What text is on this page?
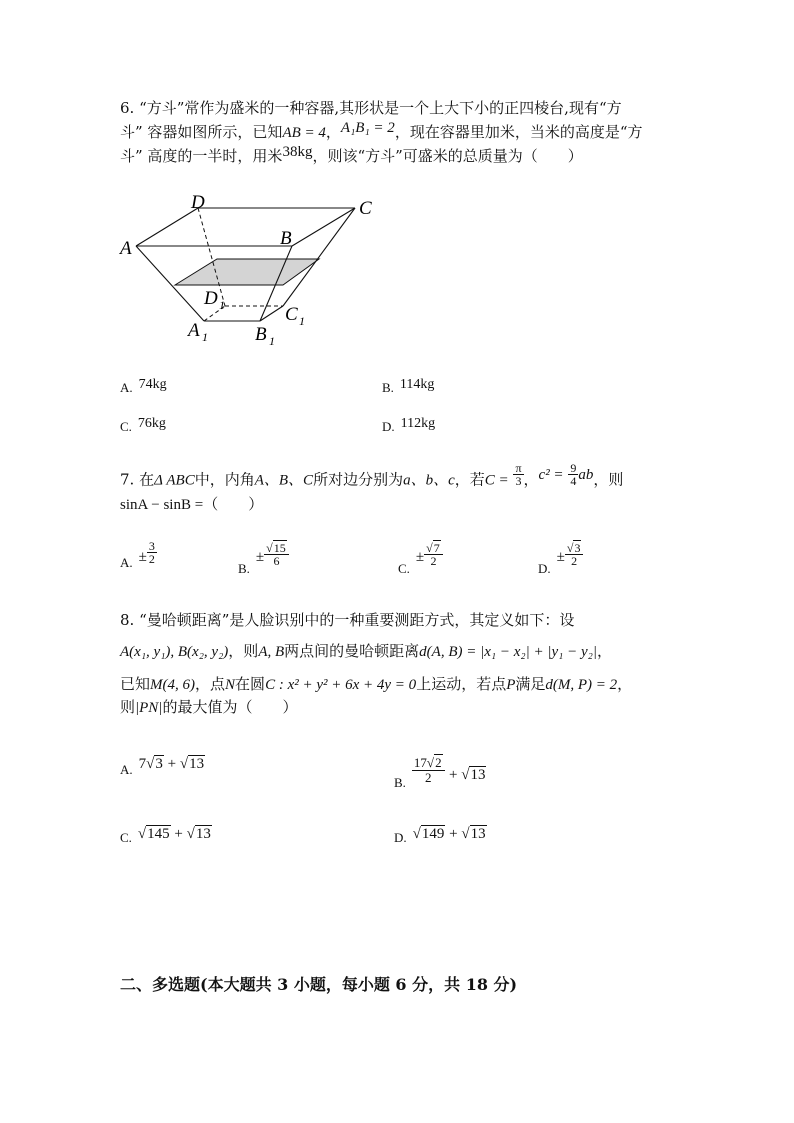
6. “方斗”常作为盛米的一种容器,其形状是一个上大下小的正四棱台,现有“方
斗” 容器如图所示，已知AB = 4，A₁B₁ = 2，现在容器里加米，当米的高度是“方
斗” 高度的一半时，用米38kg，则该“方斗”可盛米的总质量为（　　）
A
D	C
B
D 1	C 1
A 1 B 1
A. 74kg	B. 114kg
C. 76kg	D. 112kg
7. 在Δ ABC中，内角A、B、C所对边分别为a、b、c，若$C = \frac{\pi}{3}$ ，$c^2 = \frac{9}{4}$ ab，则
sinA − sinB =（　　）
A. ± $\frac{3}{2}$
$B.\pm \frac{√15}{6}$
$C.\pm \frac{√7}{2}$
$D.\pm \frac{√3}{2}$
8. “曼哈顿距离”是人脸识别中的一种重要测距方式，其定义如下：设
A(x₁, y₁), B(x₂, y₂)，则A, B两点间的曼哈顿距离d(A, B) = |x₁ − x₂| + |y₁ − y₂|，
已知M(4, 6)，点N在圆C : x² + y² + 6x + 4y = 0上运动，若点P满足d(M, P) = 2，
则|PN|的最大值为（　　）
A. 7√3 + √13
B. $\frac{17√2}{2} + √13$
C. √145 + √13	D. √149 + √13
二、多选题(本大题共 3 小题，每小题 6 分，共 18 分)
